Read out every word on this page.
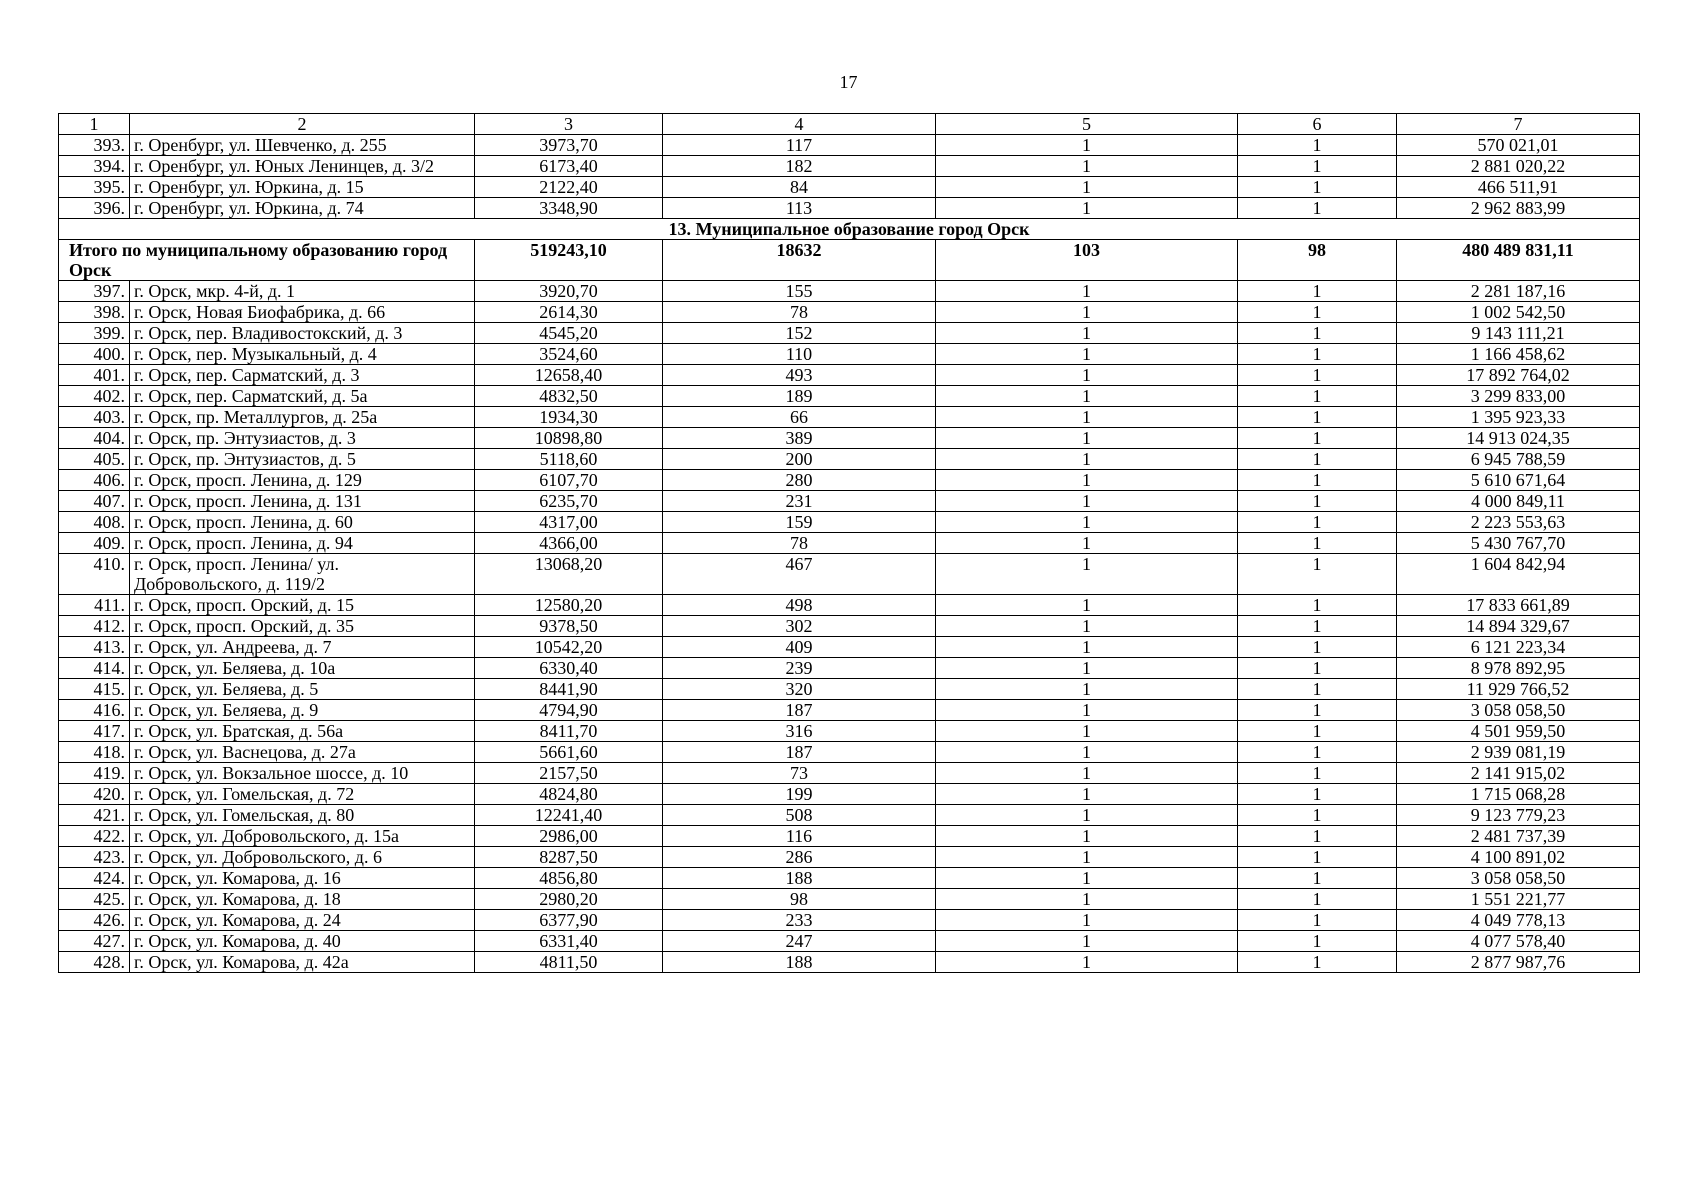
17
1	2	3	4	5	6	7
393.	г. Оренбург, ул. Шевченко, д. 255	3973,70	117	1	1	570 021,01
394.	г. Оренбург, ул. Юных Ленинцев, д. 3/2	6173,40	182	1	1	2 881 020,22
395.	г. Оренбург, ул. Юркина, д. 15	2122,40	84	1	1	466 511,91
396.	г. Оренбург, ул. Юркина, д. 74	3348,90	113	1	1	2 962 883,99
13. Муниципальное образование город Орск						
Итого по муниципальному образованию город Орск		519243,10	18632	103	98	480 489 831,11
397.	г. Орск, мкр. 4-й, д. 1	3920,70	155	1	1	2 281 187,16
398.	г. Орск, Новая Биофабрика, д. 66	2614,30	78	1	1	1 002 542,50
399.	г. Орск, пер. Владивостокский, д. 3	4545,20	152	1	1	9 143 111,21
400.	г. Орск, пер. Музыкальный, д. 4	3524,60	110	1	1	1 166 458,62
401.	г. Орск, пер. Сарматский, д. 3	12658,40	493	1	1	17 892 764,02
402.	г. Орск, пер. Сарматский, д. 5а	4832,50	189	1	1	3 299 833,00
403.	г. Орск, пр. Металлургов, д. 25а	1934,30	66	1	1	1 395 923,33
404.	г. Орск, пр. Энтузиастов, д. 3	10898,80	389	1	1	14 913 024,35
405.	г. Орск, пр. Энтузиастов, д. 5	5118,60	200	1	1	6 945 788,59
406.	г. Орск, просп. Ленина, д. 129	6107,70	280	1	1	5 610 671,64
407.	г. Орск, просп. Ленина, д. 131	6235,70	231	1	1	4 000 849,11
408.	г. Орск, просп. Ленина, д. 60	4317,00	159	1	1	2 223 553,63
409.	г. Орск, просп. Ленина, д. 94	4366,00	78	1	1	5 430 767,70
410.	г. Орск, просп. Ленина/ ул. Добровольского, д. 119/2	13068,20	467	1	1	1 604 842,94
411.	г. Орск, просп. Орский, д. 15	12580,20	498	1	1	17 833 661,89
412.	г. Орск, просп. Орский, д. 35	9378,50	302	1	1	14 894 329,67
413.	г. Орск, ул. Андреева, д. 7	10542,20	409	1	1	6 121 223,34
414.	г. Орск, ул. Беляева, д. 10а	6330,40	239	1	1	8 978 892,95
415.	г. Орск, ул. Беляева, д. 5	8441,90	320	1	1	11 929 766,52
416.	г. Орск, ул. Беляева, д. 9	4794,90	187	1	1	3 058 058,50
417.	г. Орск, ул. Братская, д. 56а	8411,70	316	1	1	4 501 959,50
418.	г. Орск, ул. Васнецова, д. 27а	5661,60	187	1	1	2 939 081,19
419.	г. Орск, ул. Вокзальное шоссе, д. 10	2157,50	73	1	1	2 141 915,02
420.	г. Орск, ул. Гомельская, д. 72	4824,80	199	1	1	1 715 068,28
421.	г. Орск, ул. Гомельская, д. 80	12241,40	508	1	1	9 123 779,23
422.	г. Орск, ул. Добровольского, д. 15а	2986,00	116	1	1	2 481 737,39
423.	г. Орск, ул. Добровольского, д. 6	8287,50	286	1	1	4 100 891,02
424.	г. Орск, ул. Комарова, д. 16	4856,80	188	1	1	3 058 058,50
425.	г. Орск, ул. Комарова, д. 18	2980,20	98	1	1	1 551 221,77
426.	г. Орск, ул. Комарова, д. 24	6377,90	233	1	1	4 049 778,13
427.	г. Орск, ул. Комарова, д. 40	6331,40	247	1	1	4 077 578,40
428.	г. Орск, ул. Комарова, д. 42а	4811,50	188	1	1	2 877 987,76
